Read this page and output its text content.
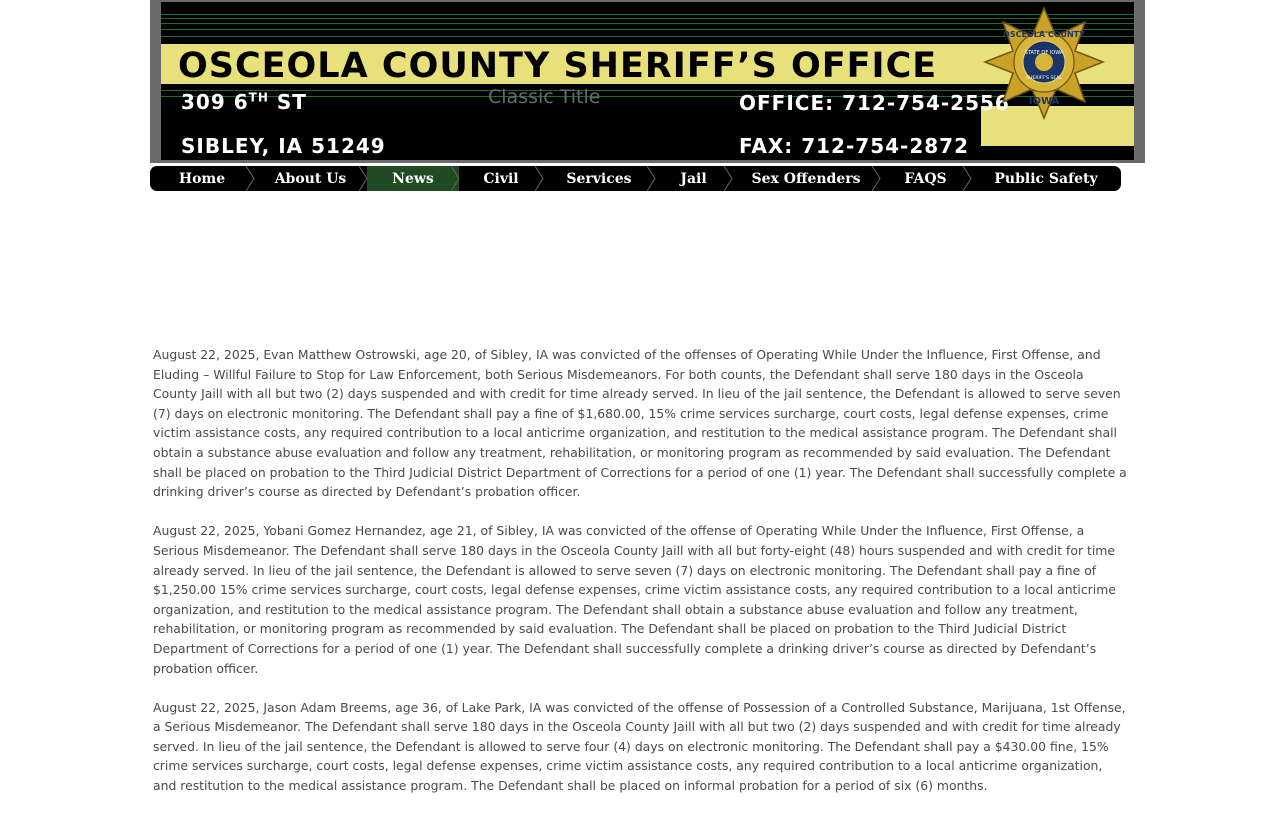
OSCEOLA COUNTY SHERIFF’S OFFICE
309 6TH ST
SIBLEY, IA 51249
OFFICE: 712-754-2556
FAX: 712-754-2872
Classic Title
OSCEOLA COUNTY
STATE OF IOWA
SHERIFF'S SEAL
IOWA
Home	About Us	News	Civil	Services	Jail	Sex Offenders	FAQS	Public Safety

August 22, 2025, Evan Matthew Ostrowski, age 20, of Sibley, IA was convicted of the offenses of Operating While Under the Influence, First Offense, and Eluding – Willful Failure to Stop for Law Enforcement, both Serious Misdemeanors. For both counts, the Defendant shall serve 180 days in the Osceola County Jaill with all but two (2) days suspended and with credit for time already served. In lieu of the jail sentence, the Defendant is allowed to serve seven (7) days on electronic monitoring. The Defendant shall pay a fine of $1,680.00, 15% crime services surcharge, court costs, legal defense expenses, crime victim assistance costs, any required contribution to a local anticrime organization, and restitution to the medical assistance program. The Defendant shall obtain a substance abuse evaluation and follow any treatment, rehabilitation, or monitoring program as recommended by said evaluation. The Defendant shall be placed on probation to the Third Judicial District Department of Corrections for a period of one (1) year. The Defendant shall successfully complete a drinking driver’s course as directed by Defendant’s probation officer.

August 22, 2025, Yobani Gomez Hernandez, age 21, of Sibley, IA was convicted of the offense of Operating While Under the Influence, First Offense, a Serious Misdemeanor. The Defendant shall serve 180 days in the Osceola County Jaill with all but forty-eight (48) hours suspended and with credit for time already served. In lieu of the jail sentence, the Defendant is allowed to serve seven (7) days on electronic monitoring. The Defendant shall pay a fine of $1,250.00 15% crime services surcharge, court costs, legal defense expenses, crime victim assistance costs, any required contribution to a local anticrime organization, and restitution to the medical assistance program. The Defendant shall obtain a substance abuse evaluation and follow any treatment, rehabilitation, or monitoring program as recommended by said evaluation. The Defendant shall be placed on probation to the Third Judicial District Department of Corrections for a period of one (1) year. The Defendant shall successfully complete a drinking driver’s course as directed by Defendant’s probation officer.

August 22, 2025, Jason Adam Breems, age 36, of Lake Park, IA was convicted of the offense of Possession of a Controlled Substance, Marijuana, 1st Offense, a Serious Misdemeanor. The Defendant shall serve 180 days in the Osceola County Jaill with all but two (2) days suspended and with credit for time already served. In lieu of the jail sentence, the Defendant is allowed to serve four (4) days on electronic monitoring. The Defendant shall pay a $430.00 fine, 15% crime services surcharge, court costs, legal defense expenses, crime victim assistance costs, any required contribution to a local anticrime organization, and restitution to the medical assistance program. The Defendant shall be placed on informal probation for a period of six (6) months.
